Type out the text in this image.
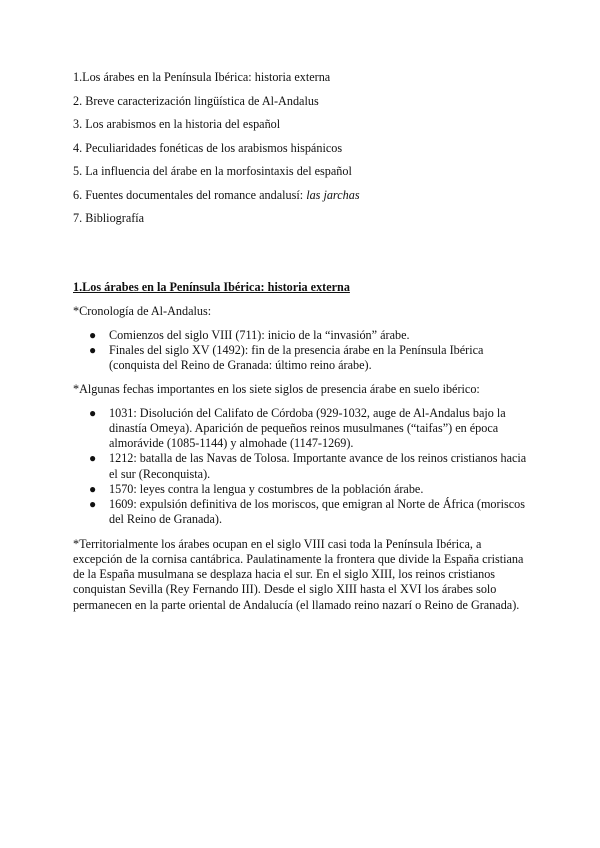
1.Los árabes en la Península Ibérica: historia externa
2. Breve caracterización lingüística de Al-Andalus
3. Los arabismos en la historia del español
4. Peculiaridades fonéticas de los arabismos hispánicos
5. La influencia del árabe en la morfosintaxis del español
6. Fuentes documentales del romance andalusí: las jarchas
7. Bibliografía
1.Los árabes en la Península Ibérica: historia externa
*Cronología de Al-Andalus:
● Comienzos del siglo VIII (711): inicio de la “invasión” árabe.
● Finales del siglo XV (1492): fin de la presencia árabe en la Península Ibérica (conquista del Reino de Granada: último reino árabe).
*Algunas fechas importantes en los siete siglos de presencia árabe en suelo ibérico:
● 1031: Disolución del Califato de Córdoba (929-1032, auge de Al-Andalus bajo la dinastía Omeya). Aparición de pequeños reinos musulmanes (“taifas”) en época almorávide (1085-1144) y almohade (1147-1269).
● 1212: batalla de las Navas de Tolosa. Importante avance de los reinos cristianos hacia el sur (Reconquista).
● 1570: leyes contra la lengua y costumbres de la población árabe.
● 1609: expulsión definitiva de los moriscos, que emigran al Norte de África (moriscos del Reino de Granada).
*Territorialmente los árabes ocupan en el siglo VIII casi toda la Península Ibérica, a excepción de la cornisa cantábrica. Paulatinamente la frontera que divide la España cristiana de la España musulmana se desplaza hacia el sur. En el siglo XIII, los reinos cristianos conquistan Sevilla (Rey Fernando III). Desde el siglo XIII hasta el XVI los árabes solo permanecen en la parte oriental de Andalucía (el llamado reino nazarí o Reino de Granada).
